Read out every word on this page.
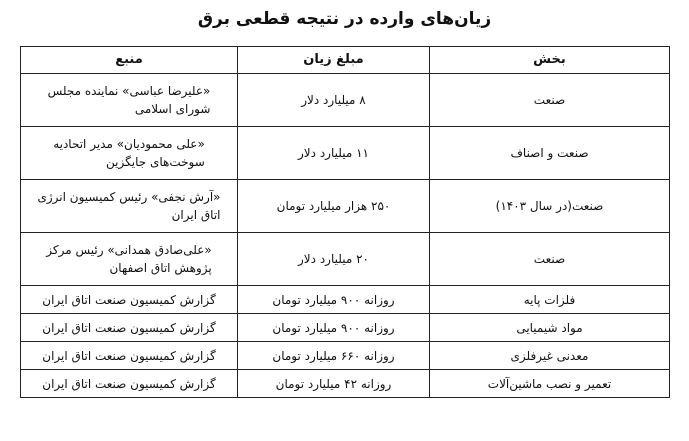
زیان‌های وارده در نتیجه قطعی برق
بخش	مبلغ زیان	منبع
صنعت	۸ میلیارد دلار	«علیرضا عباسی» نماینده مجلس
شورای اسلامی
صنعت و اصناف	۱۱ میلیارد دلار	«علی محمودیان» مدیر اتحادیه
سوخت‌های جایگزین
صنعت(در سال ۱۴۰۳)	۲۵۰ هزار میلیارد تومان	«آرش نجفی» رئیس کمیسیون انرژی
اتاق ایران
صنعت	۲۰ میلیارد دلار	«علی‌صادق همدانی» رئیس مرکز
پژوهش اتاق اصفهان
فلزات پایه	روزانه ۹۰۰ میلیارد تومان	گزارش کمیسیون صنعت اتاق ایران
مواد شیمیایی	روزانه ۹۰۰ میلیارد تومان	گزارش کمیسیون صنعت اتاق ایران
معدنی غیرفلزی	روزانه ۶۶۰ میلیارد تومان	گزارش کمیسیون صنعت اتاق ایران
تعمیر و نصب ماشین‌آلات	روزانه ۴۲ میلیارد تومان	گزارش کمیسیون صنعت اتاق ایران
